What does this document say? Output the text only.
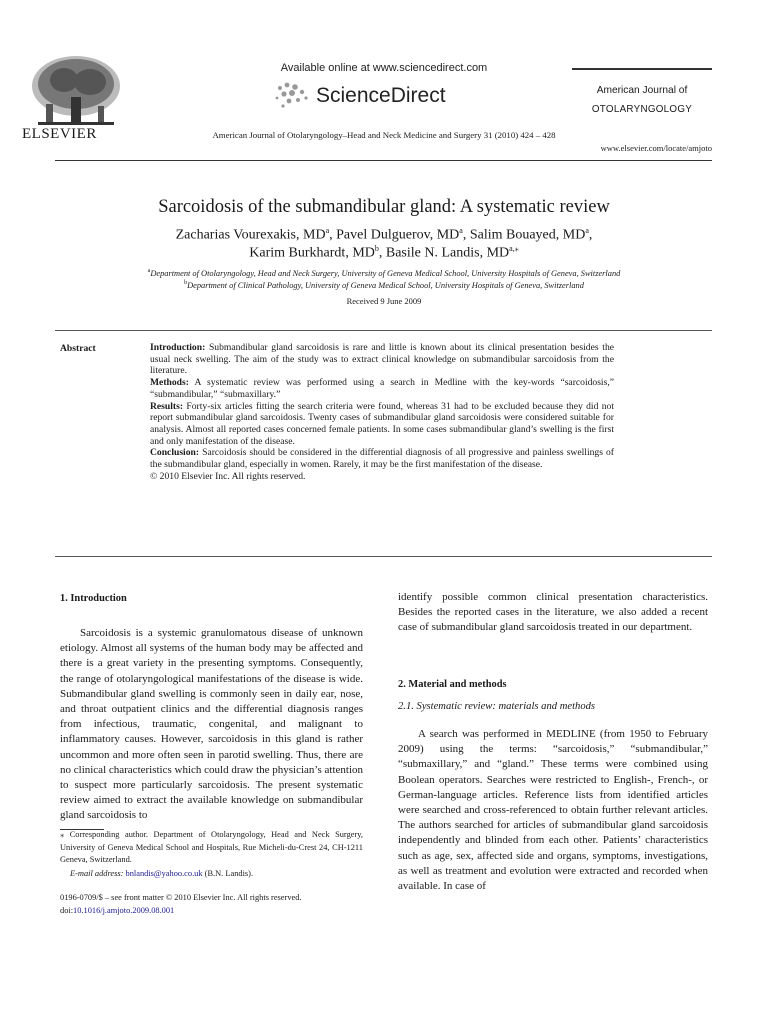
ELSEVIER
Available online at www.sciencedirect.com
ScienceDirect
American Journal of Otolaryngology–Head and Neck Medicine and Surgery 31 (2010) 424 – 428
American Journal of
OTOLARYNGOLOGY
www.elsevier.com/locate/amjoto
Sarcoidosis of the submandibular gland: A systematic review
Zacharias Vourexakis, $MD^a$, Pavel Dulguerov, $MD^a$, Salim Bouayed, $MD^a$,
Karim Burkhardt, $MD^b$, Basile N. Landis, $MD^{a,⁎}$
$^a$Department of Otolaryngology, Head and Neck Surgery, University of Geneva Medical School, University Hospitals of Geneva, Switzerland
$^b$Department of Clinical Pathology, University of Geneva Medical School, University Hospitals of Geneva, Switzerland
Received 9 June 2009
Abstract	Introduction: Submandibular gland sarcoidosis is rare and little is known about its clinical presentation besides the usual neck swelling. The aim of the study was to extract clinical knowledge on submandibular sarcoidosis from the literature.

Methods: A systematic review was performed using a search in Medline with the key-words “sarcoidosis,” “submandibular,” “submaxillary.”

Results: Forty-six articles fitting the search criteria were found, whereas 31 had to be excluded because they did not report submandibular gland sarcoidosis. Twenty cases of submandibular gland sarcoidosis were considered suitable for analysis. Almost all reported cases concerned female patients. In some cases submandibular gland’s swelling is the first and only manifestation of the disease.

Conclusion: Sarcoidosis should be considered in the differential diagnosis of all progressive and painless swellings of the submandibular gland, especially in women. Rarely, it may be the first manifestation of the disease.

© 2010 Elsevier Inc. All rights reserved.

1. Introduction

Sarcoidosis is a systemic granulomatous disease of unknown etiology. Almost all systems of the human body may be affected and there is a great variety in the presenting symptoms. Consequently, the range of otolaryngological manifestations of the disease is wide. Submandibular gland swelling is commonly seen in daily ear, nose, and throat outpatient clinics and the differential diagnosis ranges from infectious, traumatic, congenital, and malignant to inflammatory causes. However, sarcoidosis in this gland is rather uncommon and more often seen in parotid swelling. Thus, there are no clinical characteristics which could draw the physician’s attention to suspect more particularly sarcoidosis. The present systematic review aimed to extract the available knowledge on submandibular gland sarcoidosis to

⁎ Corresponding author. Department of Otolaryngology, Head and Neck Surgery, University of Geneva Medical School and Hospitals, Rue Micheli-du-Crest 24, CH-1211 Geneva, Switzerland.
E-mail address: bnlandis@yahoo.co.uk (B.N. Landis).
0196-0709/$ – see front matter © 2010 Elsevier Inc. All rights reserved.
doi:10.1016/j.amjoto.2009.08.001
identify possible common clinical presentation characteristics. Besides the reported cases in the literature, we also added a recent case of submandibular gland sarcoidosis treated in our department.
2. Material and methods
2.1. Systematic review: materials and methods

A search was performed in MEDLINE (from 1950 to February 2009) using the terms: “sarcoidosis,” “submandibular,” “submaxillary,” and “gland.” These terms were combined using Boolean operators. Searches were restricted to English-, French-, or German-language articles. Reference lists from identified articles were searched and cross-referenced to obtain further relevant articles. The authors searched for articles of submandibular gland sarcoidosis independently and blinded from each other. Patients’ characteristics such as age, sex, affected side and organs, symptoms, investigations, as well as treatment and evolution were extracted and recorded when available. In case of
